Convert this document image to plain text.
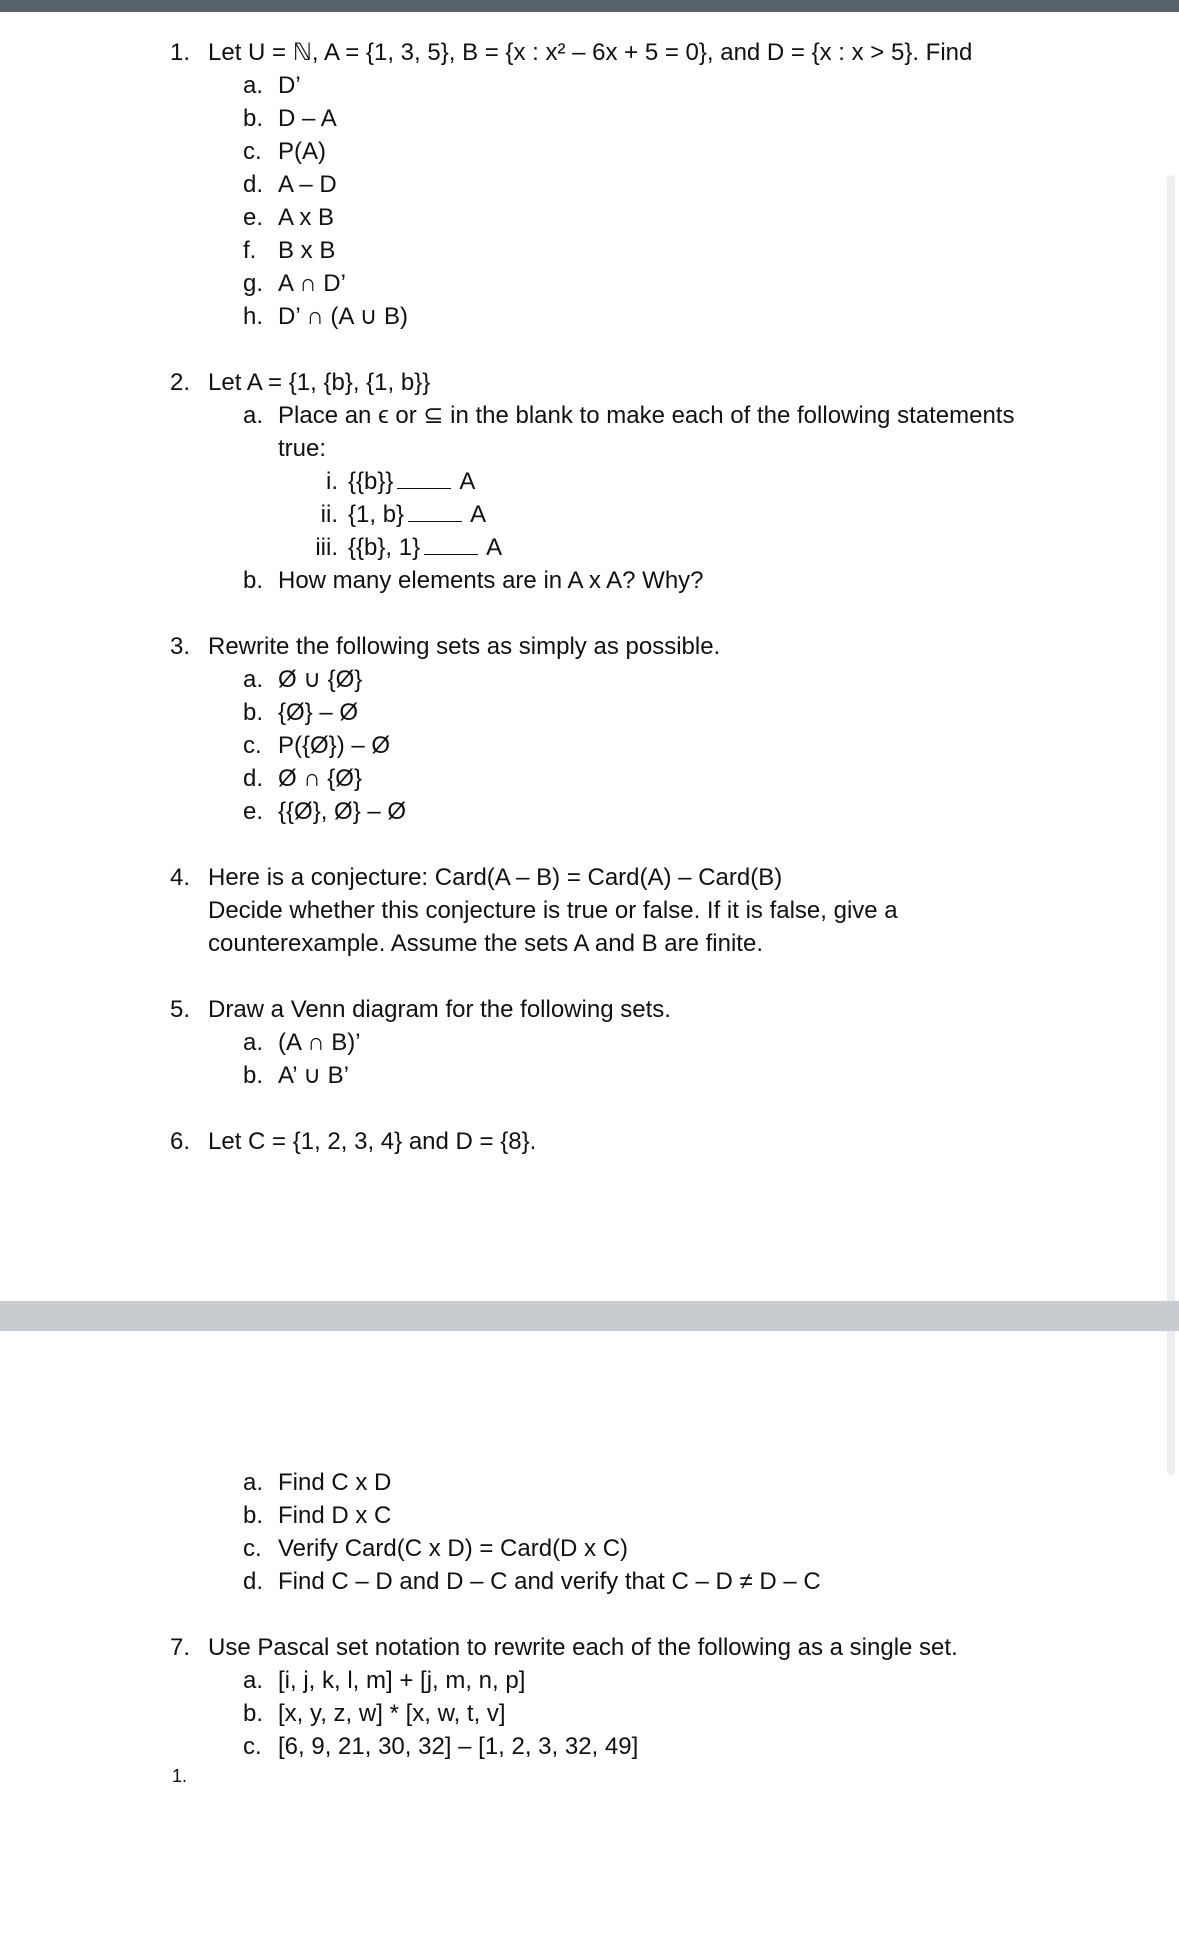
1. Let U = ℕ, A = {1, 3, 5}, B = {x : x² – 6x + 5 = 0}, and D = {x : x > 5}. Find
a. D’
b. D – A
c. P(A)
d. A – D
e. A x B
f. B x B
g. A ∩ D’
h. D’ ∩ (A ∪ B)
2. Let A = {1, {b}, {1, b}}
a. Place an ϵ or ⊆ in the blank to make each of the following statements
true:
i. {{b}}	A
ii. {1, b}	A
iii. {{b}, 1}	A
b. How many elements are in A x A? Why?
3. Rewrite the following sets as simply as possible.
a. Ø ∪ {Ø}
b. {Ø} – Ø
c. P({Ø}) – Ø
d. Ø ∩ {Ø}
e. {{Ø}, Ø} – Ø
4. Here is a conjecture: Card(A – B) = Card(A) – Card(B)
Decide whether this conjecture is true or false. If it is false, give a
counterexample. Assume the sets A and B are finite.
5. Draw a Venn diagram for the following sets.
a. (A ∩ B)’
b. A’ ∪ B’
6. Let C = {1, 2, 3, 4} and D = {8}.
a. Find C x D
b. Find D x C
c. Verify Card(C x D) = Card(D x C)
d. Find C – D and D – C and verify that C – D ≠ D – C
7. Use Pascal set notation to rewrite each of the following as a single set.
a. [i, j, k, l, m] + [j, m, n, p]
b. [x, y, z, w] * [x, w, t, v]
c. [6, 9, 21, 30, 32] – [1, 2, 3, 32, 49]
1.
